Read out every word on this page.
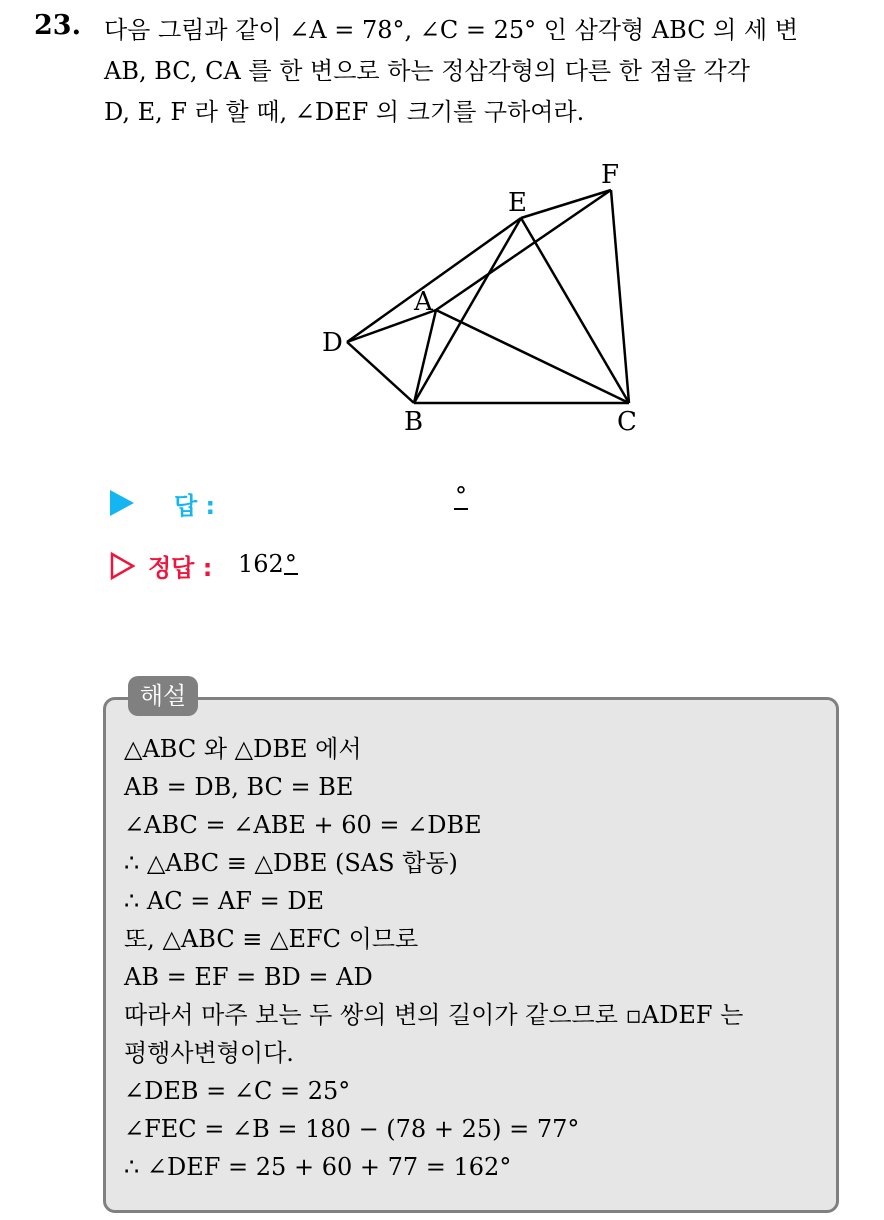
23. 다음 그림과 같이 ∠A = 78°, ∠C = 25° 인 삼각형 ABC 의 세 변
AB, BC, CA 를 한 변으로 하는 정삼각형의 다른 한 점을 각각
D, E, F 라 할 때, ∠DEF 의 크기를 구하여라.
A
B	C
D
E
F
답 :	°
정답 : 162°
해설
△ABC 와 △DBE 에서
AB = DB, BC = BE
∠ABC = ∠ABE + 60 = ∠DBE
∴ △ABC ≡ △DBE (SAS 합동)
∴ AC = AF = DE
또, △ABC ≡ △EFC 이므로
AB = EF = BD = AD
따라서 마주 보는 두 쌍의 변의 길이가 같으므로 ▫ADEF 는
평행사변형이다.
∠DEB = ∠C = 25°
∠FEC = ∠B = 180 − (78 + 25) = 77°
∴ ∠DEF = 25 + 60 + 77 = 162°
